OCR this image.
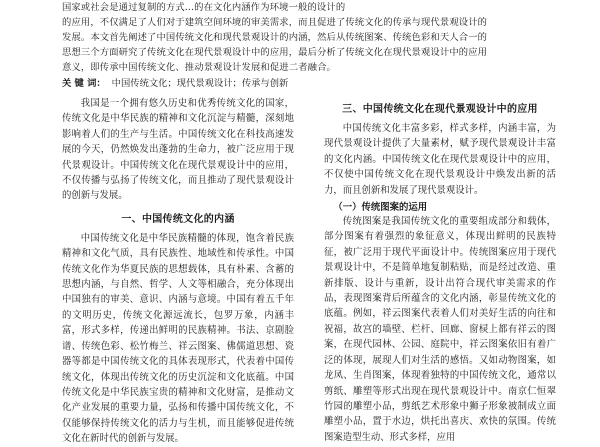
国家或社会是通过复制的方式...的在文化内涵作为环境一般的设计的

的应用，不仅满足了人们对于建筑空间环境的审美需求，而且促进了传统文化的传承与现代景观设计的

发展。本文首先阐述了中国传统文化和现代景观设计的内涵，然后从传统图案、传统色彩和天人合一的

思想三个方面研究了传统文化在现代景观设计中的应用，最后分析了传统文化在现代景观设计中的应用

意义，即传承中国传统文化、推动景观设计发展和促进二者融合。

关 键 词： 中国传统文化；现代景观设计；传承与创新

我国是一个拥有悠久历史和优秀传统文化的国家，传统文化是中华民族的精神和文化沉淀与精髓，深刻地影响着人们的生产与生活。中国传统文化在科技高速发展的今天，仍然焕发出蓬勃的生命力，被广泛应用于现代景观设计。中国传统文化在现代景观设计中的应用，不仅传播与弘扬了传统文化，而且推动了现代景观设计的创新与发展。

一、中国传统文化的内涵

中国传统文化是中华民族精髓的体现，饱含着民族精神和文化气质，具有民族性、地域性和传承性。中国传统文化作为华夏民族的思想载体，具有朴素、含蓄的思想内涵，与自然、哲学、人文等相融合，充分体现出中国独有的审美、意识、内涵与意境。中国有着五千年的文明历史，传统文化源远流长，包罗万象，内涵丰富，形式多样，传递出鲜明的民族精神。书法、京剧脸谱、传统色彩、松竹梅兰、祥云图案、佛儒道思想、瓷器等都是中国传统文化的具体表现形式，代表着中国传统文化，体现出传统文化的历史沉淀和文化底蕴。中国传统文化是中华民族宝贵的精神和文化财富，是推动文化产业发展的重要力量，弘扬和传播中国传统文化，不仅能够保持传统文化的活力与生机，而且能够促进传统文化在新时代的创新与发展。

三、中国传统文化在现代景观设计中的应用

中国传统文化丰富多彩，样式多样，内涵丰富，为现代景观设计提供了大量素材，赋予现代景观设计丰富的文化内涵。中国传统文化在现代景观设计中的应用，不仅使中国传统文化在现代景观设计中焕发出新的活力，而且创新和发展了现代景观设计。

（一）传统图案的运用

传统图案是我国传统文化的重要组成部分和载体，部分图案有着强烈的象征意义，体现出鲜明的民族特征，被广泛用于现代平面设计中。传统图案应用于现代景观设计中，不是简单地复制粘贴，而是经过改造、重新排版、设计与重新，设计出符合现代审美需求的作品，表现图案背后所蕴含的文化内涵，彰显传统文化的底蕴。例如，祥云图案代表着人们对美好生活的向往和祝福，故宫的墙壁、栏杆、回廊、窗棂上都有祥云的图案，在现代园林、公园、庭院中，祥云图案依旧有着广泛的体现，展现人们对生活的感悟。又如动物图案，如龙凤、生肖图案，体现着独特的中国传统文化，通常以剪纸、雕塑等形式出现在现代景观设计中。南京仁恒翠竹园的雕塑小品，剪纸艺术形象中狮子形象被制成立面雕塑小品，置于水边，烘托出喜庆、欢快的氛围。传统图案造型生动、形式多样，应用
